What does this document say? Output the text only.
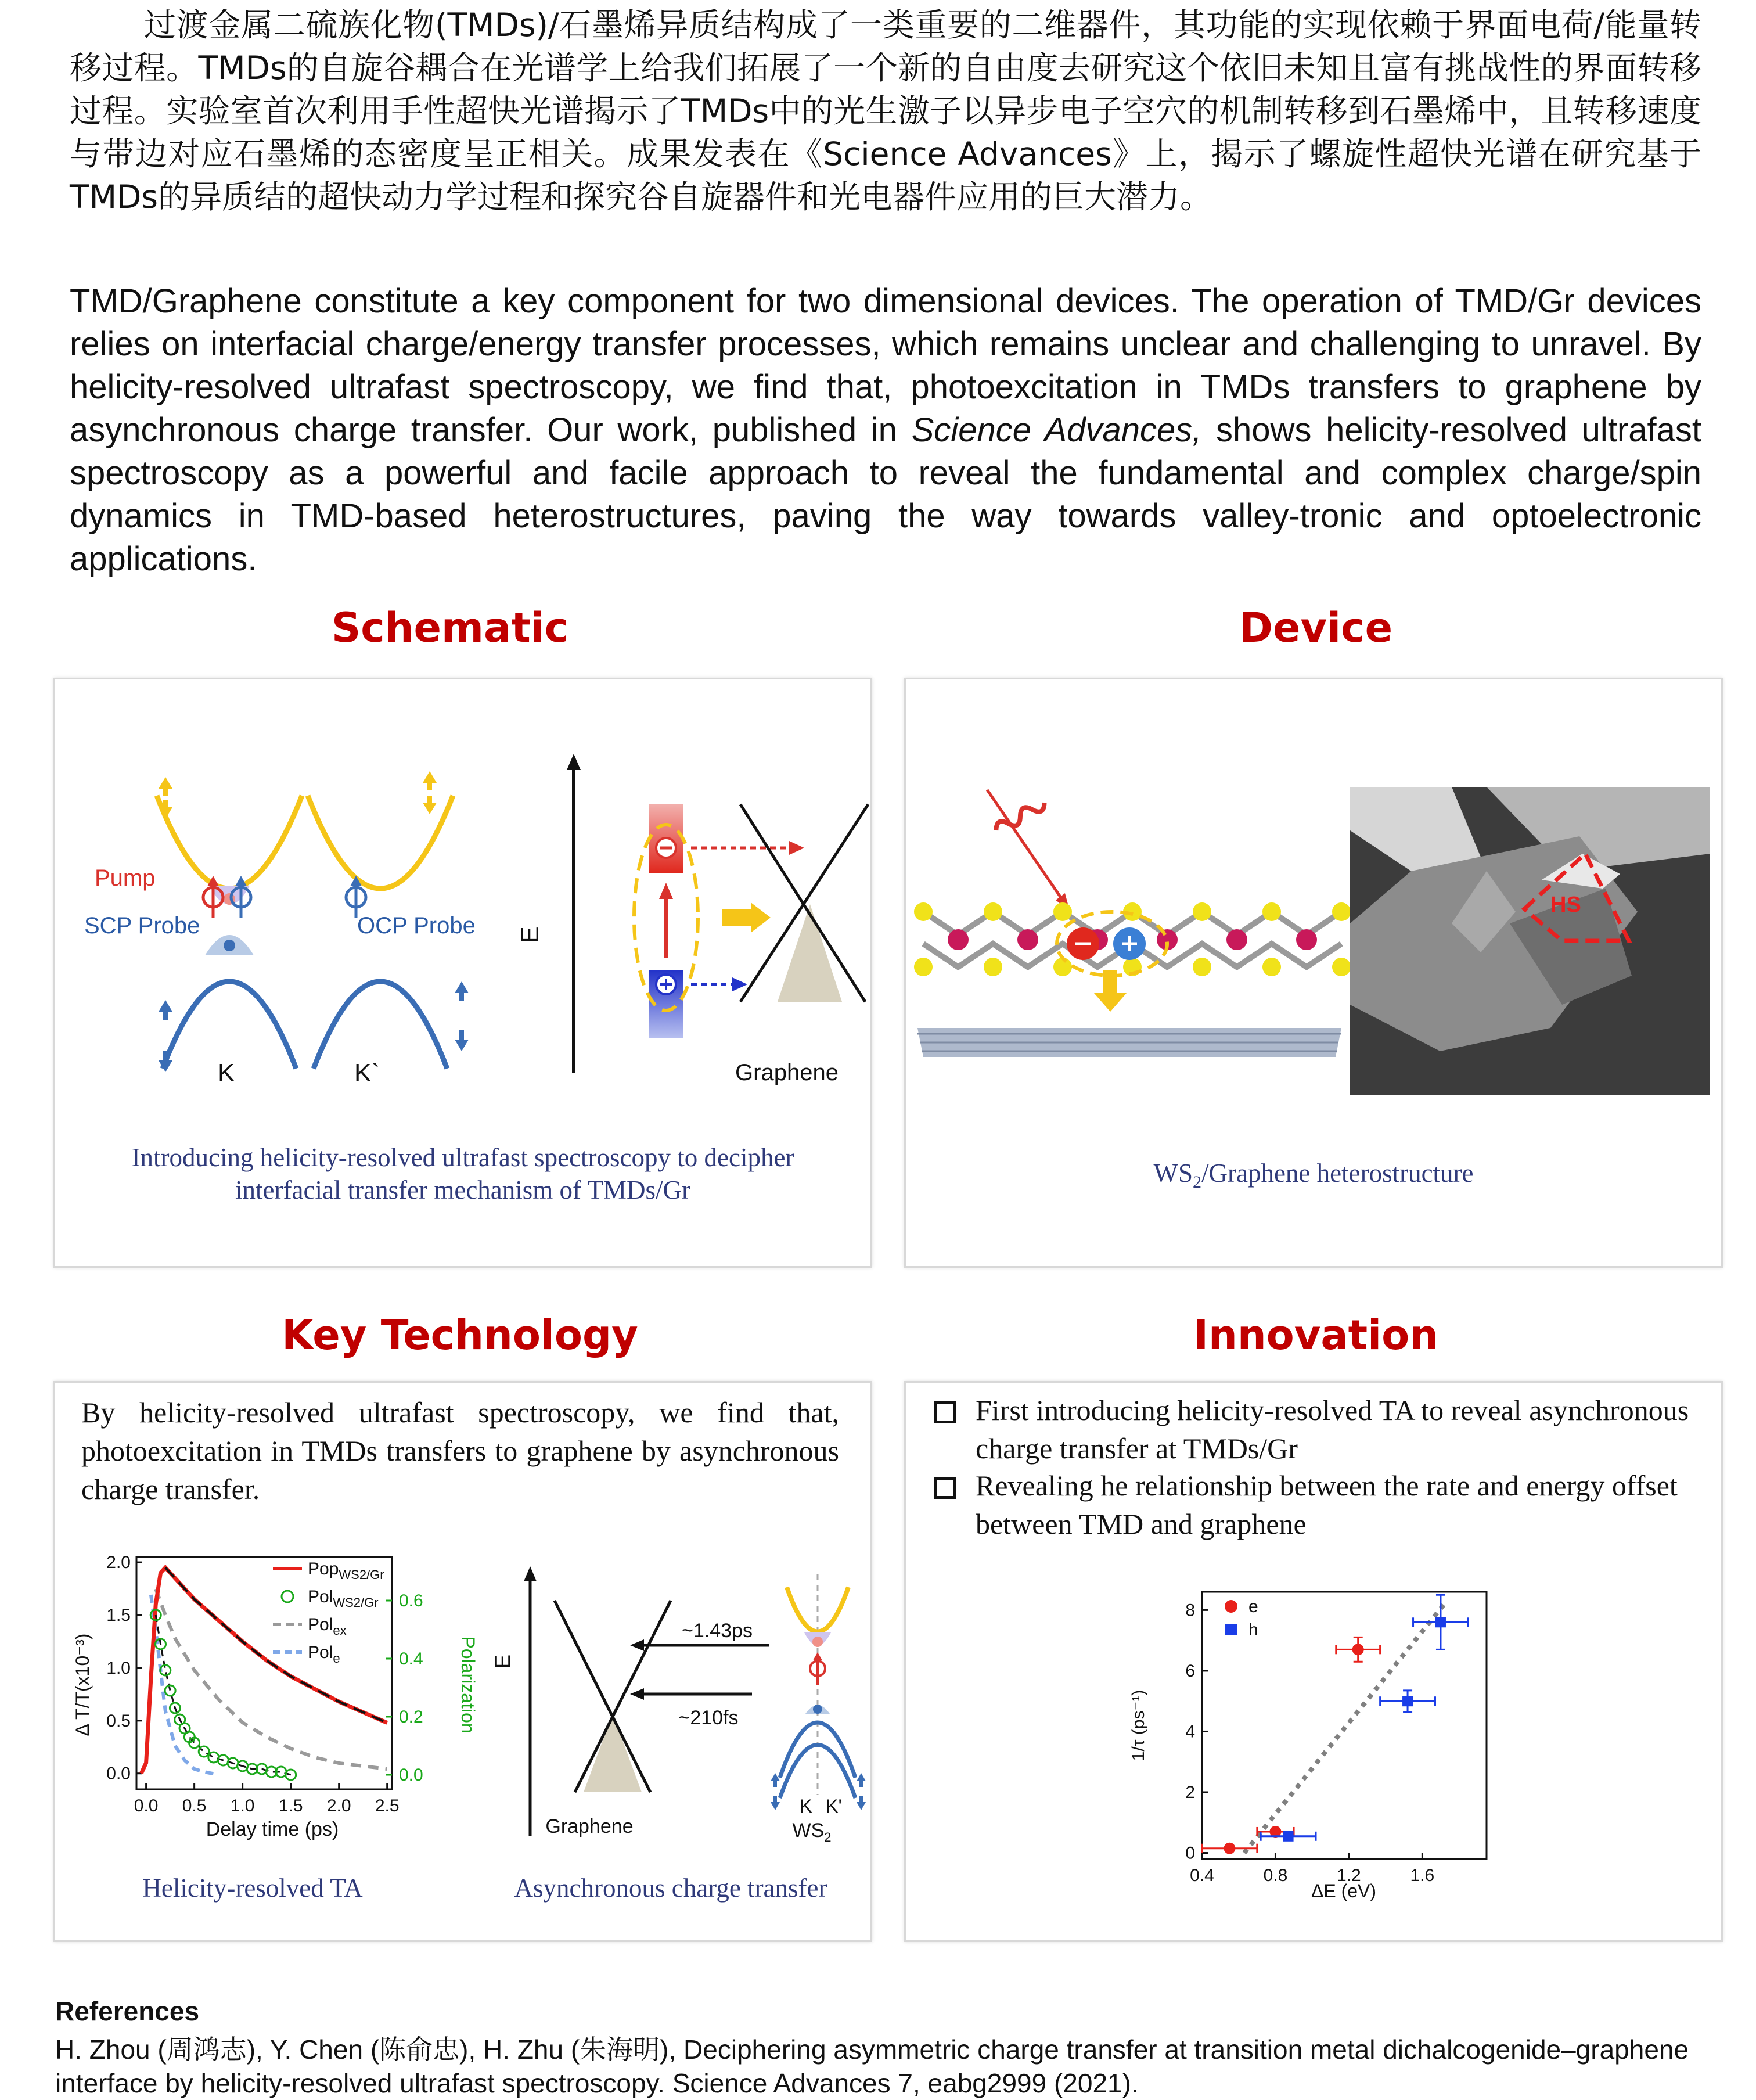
过渡金属二硫族化物(TMDs)/石墨烯异质结构成了一类重要的二维器件，其功能的实现依赖于界面电荷/能量转移过程。TMDs的自旋谷耦合在光谱学上给我们拓展了一个新的自由度去研究这个依旧未知且富有挑战性的界面转移过程。实验室首次利用手性超快光谱揭示了TMDs中的光生激子以异步电子空穴的机制转移到石墨烯中，且转移速度与带边对应石墨烯的态密度呈正相关。成果发表在《Science Advances》上，揭示了螺旋性超快光谱在研究基于TMDs的异质结的超快动力学过程和探究谷自旋器件和光电器件应用的巨大潜力。

TMD/Graphene constitute a key component for two dimensional devices. The operation of TMD/Gr devices relies on interfacial charge/energy transfer processes, which remains unclear and challenging to unravel. By helicity-resolved ultrafast spectroscopy, we find that, photoexcitation in TMDs transfers to graphene by asynchronous charge transfer. Our work, published in Science Advances, shows helicity-resolved ultrafast spectroscopy as a powerful and facile approach to reveal the fundamental and complex charge/spin dynamics in TMD-based heterostructures, paving the way towards valley-tronic and optoelectronic applications.

Schematic	Device
Key Technology	Innovation
Pump
SCP Probe	OCP Probe
K	K`
E
Graphene
Introducing helicity-resolved ultrafast spectroscopy to decipher interfacial transfer mechanism of TMDs/Gr
HS
$WS_2$/Graphene heterostructure
By helicity-resolved ultrafast spectroscopy, we find that, photoexcitation in TMDs transfers to graphene by asynchronous charge transfer.
0.0 0.5 1.0 1.5 2.0 2.5
0.0
0.5
1.0
1.5
2.0
0.0
0.2
0.4
0.6
Pop$_{WS2/Gr}$
Pol$_{WS2/Gr}$
Pol$_{ex}$
Pol$_e$
Delay time (ps)
Δ T/T(x10⁻³)	Polarization E
~1.43ps
~210fs
K K'
Graphene	$WS_2$
Helicity-resolved TA	Asynchronous charge transfer
First introducing helicity-resolved TA to reveal asynchronous charge transfer at TMDs/Gr
Revealing he relationship between the rate and energy offset between TMD and graphene
0.4	0.8	1.2	1.6
0
2
4
6
8	e
h
ΔE (eV)
1/τ (ps⁻¹)
References

H. Zhou (周鸿志), Y. Chen (陈俞忠), H. Zhu (朱海明), Deciphering asymmetric charge transfer at transition metal dichalcogenide–graphene interface by helicity-resolved ultrafast spectroscopy. Science Advances 7, eabg2999 (2021).
